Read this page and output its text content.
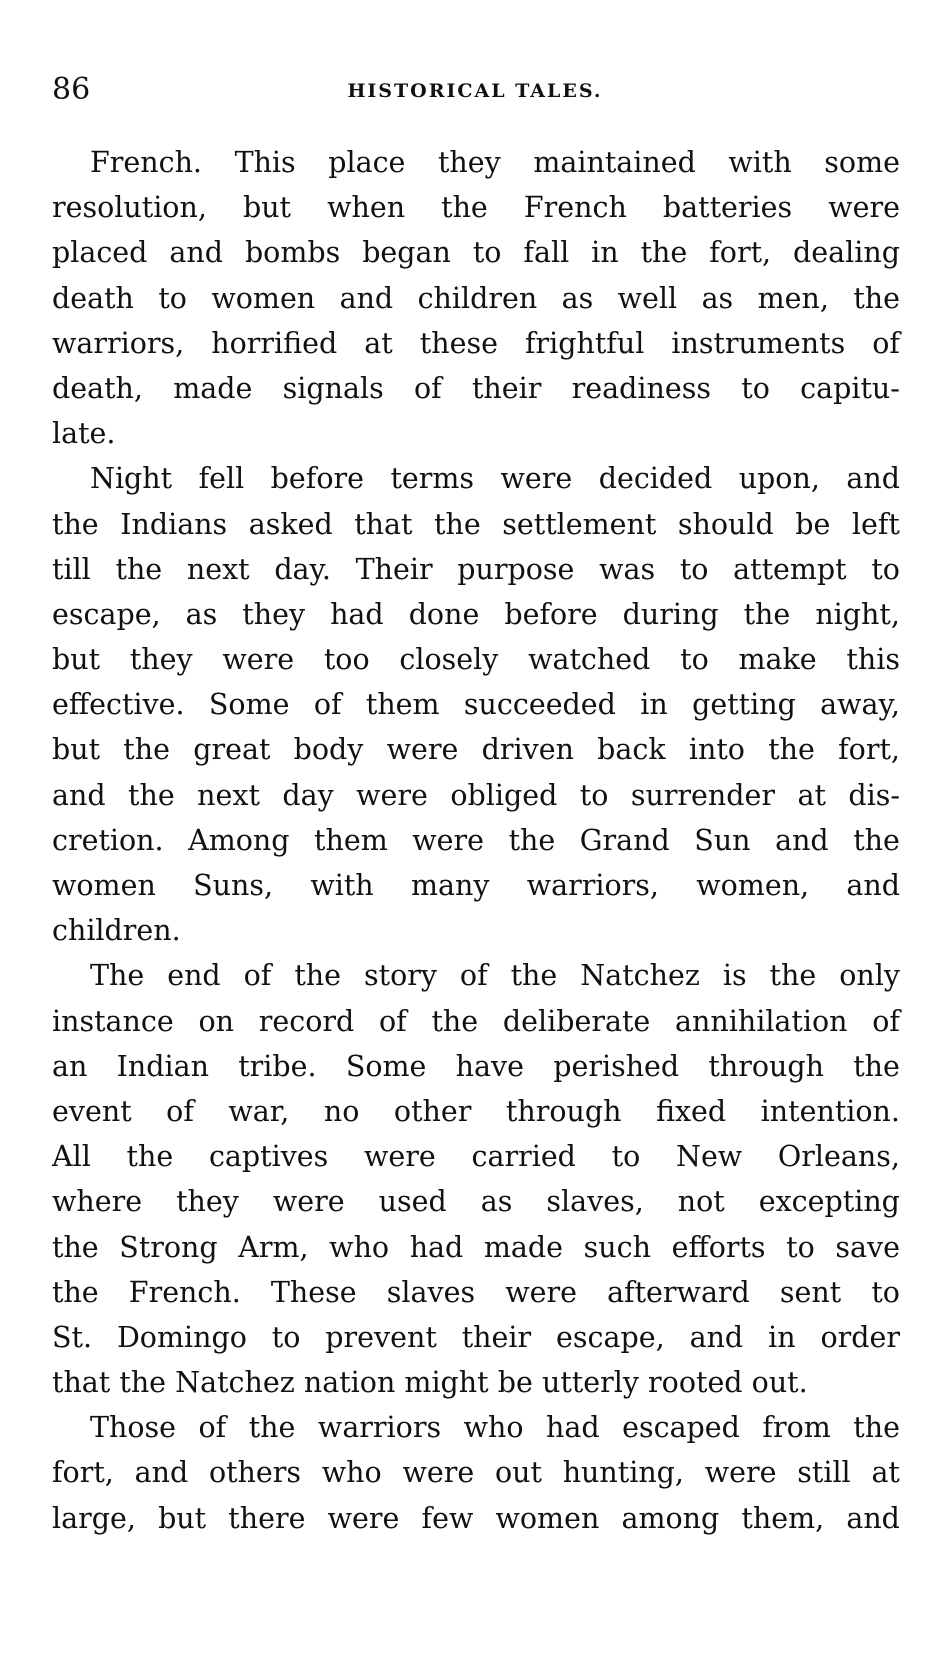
86	HISTORICAL TALES.
French. This place they maintained with some
resolution, but when the French batteries were
placed and bombs began to fall in the fort, dealing
death to women and children as well as men, the
warriors, horrified at these frightful instruments of
death, made signals of their readiness to capitu-
late.
Night fell before terms were decided upon, and
the Indians asked that the settlement should be left
till the next day. Their purpose was to attempt to
escape, as they had done before during the night,
but they were too closely watched to make this
effective. Some of them succeeded in getting away,
but the great body were driven back into the fort,
and the next day were obliged to surrender at dis-
cretion. Among them were the Grand Sun and the
women Suns, with many warriors, women, and
children.
The end of the story of the Natchez is the only
instance on record of the deliberate annihilation of
an Indian tribe. Some have perished through the
event of war, no other through fixed intention.
All the captives were carried to New Orleans,
where they were used as slaves, not excepting
the Strong Arm, who had made such efforts to save
the French. These slaves were afterward sent to
St. Domingo to prevent their escape, and in order
that the Natchez nation might be utterly rooted out.
Those of the warriors who had escaped from the
fort, and others who were out hunting, were still at
large, but there were few women among them, and
